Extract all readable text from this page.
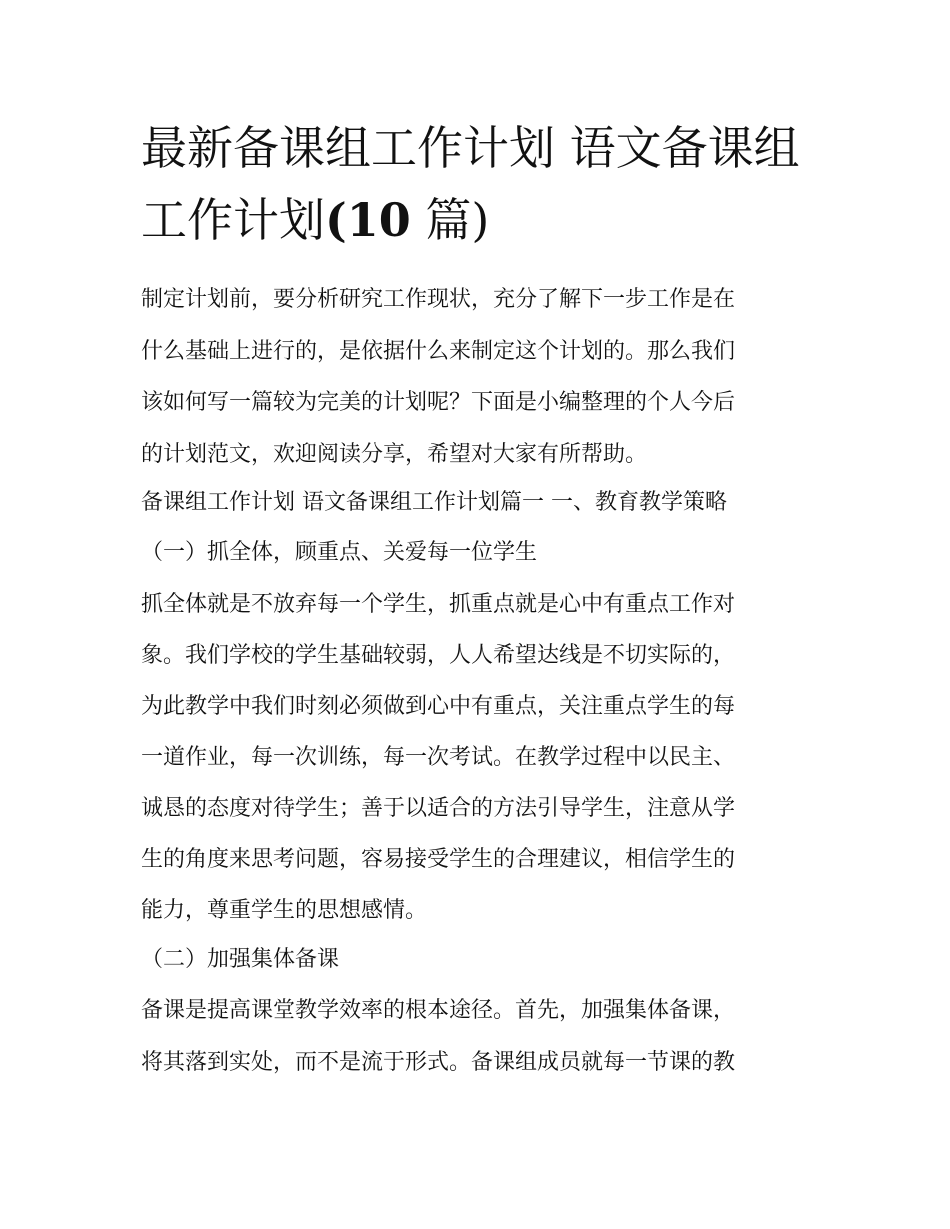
最新备课组工作计划 语文备课组工作计划(10 篇)

制定计划前，要分析研究工作现状，充分了解下一步工作是在

什么基础上进行的，是依据什么来制定这个计划的。那么我们

该如何写一篇较为完美的计划呢？下面是小编整理的个人今后

的计划范文，欢迎阅读分享，希望对大家有所帮助。

备课组工作计划 语文备课组工作计划篇一 一、教育教学策略

（一）抓全体，顾重点、关爱每一位学生

抓全体就是不放弃每一个学生，抓重点就是心中有重点工作对

象。我们学校的学生基础较弱，人人希望达线是不切实际的，

为此教学中我们时刻必须做到心中有重点，关注重点学生的每

一道作业，每一次训练，每一次考试。在教学过程中以民主、

诚恳的态度对待学生；善于以适合的方法引导学生，注意从学

生的角度来思考问题，容易接受学生的合理建议，相信学生的

能力，尊重学生的思想感情。

（二）加强集体备课

备课是提高课堂教学效率的根本途径。首先，加强集体备课，

将其落到实处，而不是流于形式。备课组成员就每一节课的教
